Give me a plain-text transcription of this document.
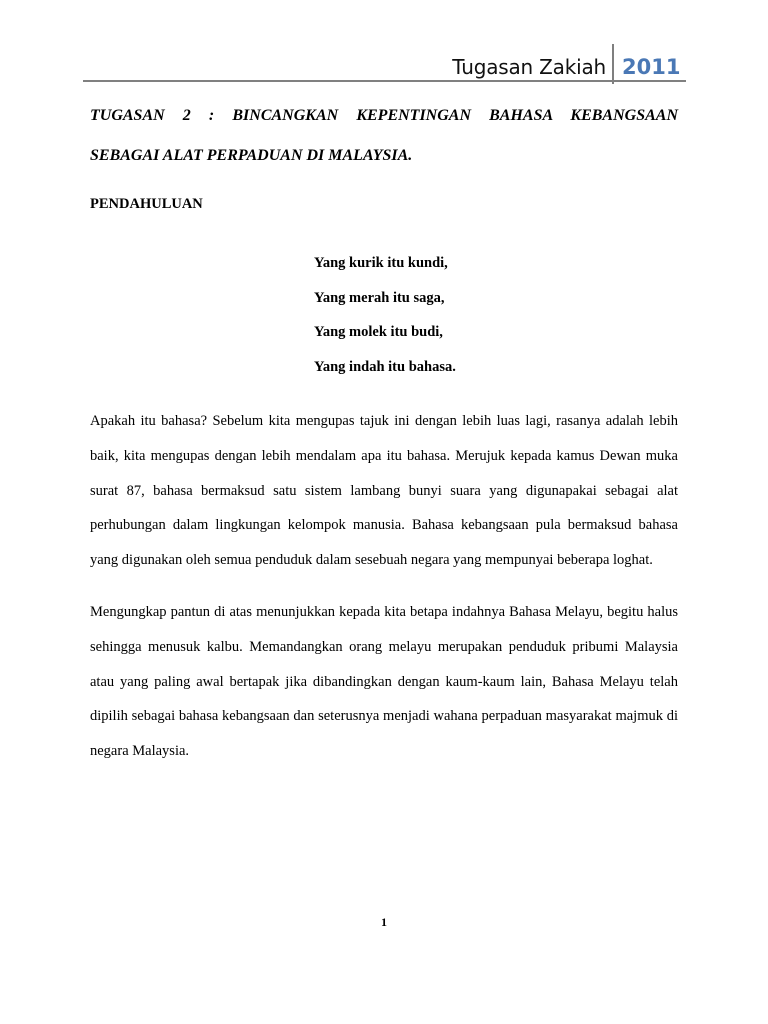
Tugasan Zakiah 2011
TUGASAN 2 : BINCANGKAN KEPENTINGAN BAHASA KEBANGSAAN
SEBAGAI ALAT PERPADUAN DI MALAYSIA.
PENDAHULUAN
Yang kurik itu kundi,
Yang merah itu saga,
Yang molek itu budi,
Yang indah itu bahasa.

Apakah itu bahasa? Sebelum kita mengupas tajuk ini dengan lebih luas lagi, rasanya adalah lebih baik, kita mengupas dengan lebih mendalam apa itu bahasa. Merujuk kepada kamus Dewan muka surat 87, bahasa bermaksud satu sistem lambang bunyi suara yang digunapakai sebagai alat perhubungan dalam lingkungan kelompok manusia. Bahasa kebangsaan pula bermaksud bahasa yang digunakan oleh semua penduduk dalam sesebuah negara yang mempunyai beberapa loghat.

Mengungkap pantun di atas menunjukkan kepada kita betapa indahnya Bahasa Melayu, begitu halus sehingga menusuk kalbu. Memandangkan orang melayu merupakan penduduk pribumi Malaysia atau yang paling awal bertapak jika dibandingkan dengan kaum-kaum lain, Bahasa Melayu telah dipilih sebagai bahasa kebangsaan dan seterusnya menjadi wahana perpaduan masyarakat majmuk di negara Malaysia.

1
